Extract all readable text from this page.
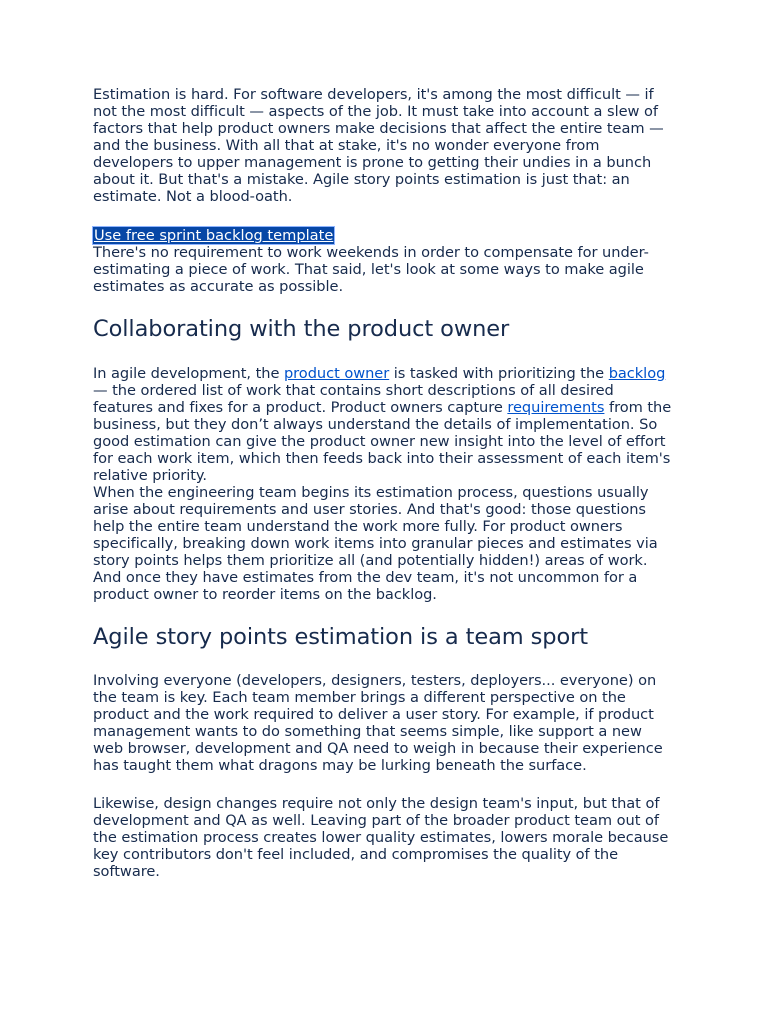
Estimation is hard. For software developers, it's among the most difficult — if not the most difficult — aspects of the job. It must take into account a slew of factors that help product owners make decisions that affect the entire team — and the business. With all that at stake, it's no wonder everyone from developers to upper management is prone to getting their undies in a bunch about it. But that's a mistake. Agile story points estimation is just that: an estimate. Not a blood-oath.

Use free sprint backlog template

There's no requirement to work weekends in order to compensate for under-estimating a piece of work. That said, let's look at some ways to make agile estimates as accurate as possible.

Collaborating with the product owner

In agile development, the product owner is tasked with prioritizing the backlog — the ordered list of work that contains short descriptions of all desired features and fixes for a product. Product owners capture requirements from the business, but they don’t always understand the details of implementation. So good estimation can give the product owner new insight into the level of effort for each work item, which then feeds back into their assessment of each item's relative priority.

When the engineering team begins its estimation process, questions usually arise about requirements and user stories. And that's good: those questions help the entire team understand the work more fully. For product owners specifically, breaking down work items into granular pieces and estimates via story points helps them prioritize all (and potentially hidden!) areas of work. And once they have estimates from the dev team, it's not uncommon for a product owner to reorder items on the backlog.

Agile story points estimation is a team sport

Involving everyone (developers, designers, testers, deployers... everyone) on the team is key. Each team member brings a different perspective on the product and the work required to deliver a user story. For example, if product management wants to do something that seems simple, like support a new web browser, development and QA need to weigh in because their experience has taught them what dragons may be lurking beneath the surface.

Likewise, design changes require not only the design team's input, but that of development and QA as well. Leaving part of the broader product team out of the estimation process creates lower quality estimates, lowers morale because key contributors don't feel included, and compromises the quality of the software.
